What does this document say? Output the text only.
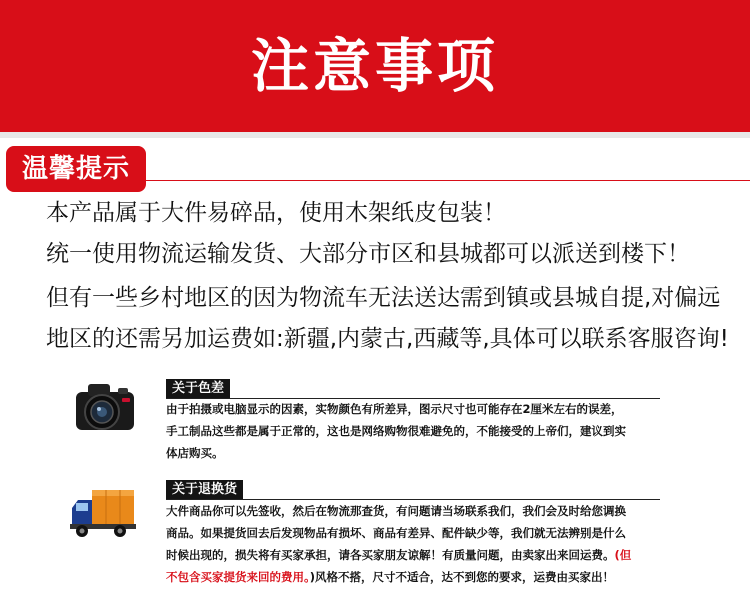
注意事项
温馨提示
本产品属于大件易碎品，使用木架纸皮包装！
统一使用物流运输发货、大部分市区和县城都可以派送到楼下！
但有一些乡村地区的因为物流车无法送达需到镇或县城自提,对偏远
地区的还需另加运费如:新疆,内蒙古,西藏等,具体可以联系客服咨询!
关于色差
由于拍摄或电脑显示的因素，实物颜色有所差异，图示尺寸也可能存在2厘米左右的误差，
手工制品这些都是属于正常的，这也是网络购物很难避免的，不能接受的上帝们，建议到实
体店购买。
关于退换货
大件商品你可以先签收，然后在物流那查货，有问题请当场联系我们，我们会及时给您调换
商品。如果提货回去后发现物品有损坏、商品有差异、配件缺少等，我们就无法辨别是什么
时候出现的，损失将有买家承担，请各买家朋友谅解！有质量问题，由卖家出来回运费。(但
不包含买家提货来回的费用。)风格不搭，尺寸不适合，达不到您的要求，运费由买家出！
